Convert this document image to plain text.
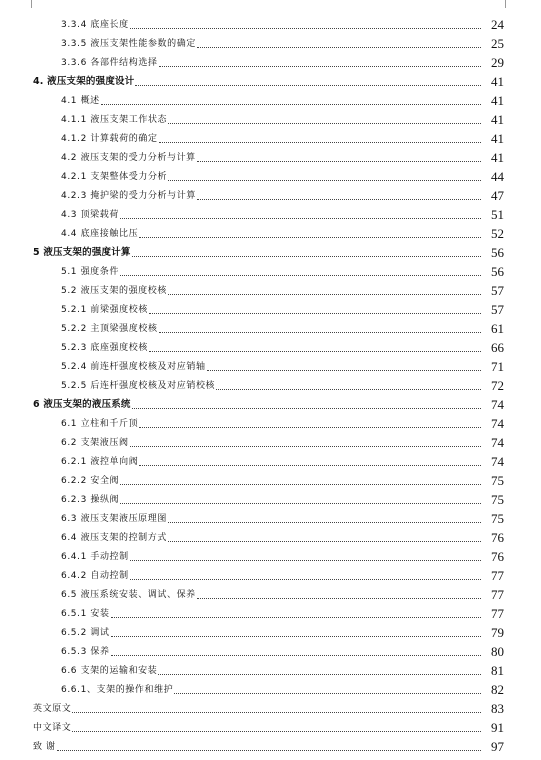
3.3.4 底座长度	24
3.3.5 液压支架性能参数的确定	25
3.3.6 各部件结构选择	29
4. 液压支架的强度设计	41
4.1 概述	41
4.1.1 液压支架工作状态	41
4.1.2 计算载荷的确定	41
4.2 液压支架的受力分析与计算	41
4.2.1 支架整体受力分析	44
4.2.3 掩护梁的受力分析与计算	47
4.3 顶梁载荷	51
4.4 底座接触比压	52
5 液压支架的强度计算	56
5.1 强度条件	56
5.2 液压支架的强度校核	57
5.2.1 前梁强度校核	57
5.2.2 主顶梁强度校核	61
5.2.3 底座强度校核	66
5.2.4 前连杆强度校核及对应销轴	71
5.2.5 后连杆强度校核及对应销校核	72
6 液压支架的液压系统	74
6.1 立柱和千斤顶	74
6.2 支架液压阀	74
6.2.1 液控单向阀	74
6.2.2 安全阀	75
6.2.3 操纵阀	75
6.3 液压支架液压原理图	75
6.4 液压支架的控制方式	76
6.4.1 手动控制	76
6.4.2 自动控制	77
6.5 液压系统安装、调试、保养	77
6.5.1 安装	77
6.5.2 调试	79
6.5.3 保养	80
6.6 支架的运输和安装	81
6.6.1、支架的操作和维护	82
英文原文	83
中文译文	91
致 谢	97
